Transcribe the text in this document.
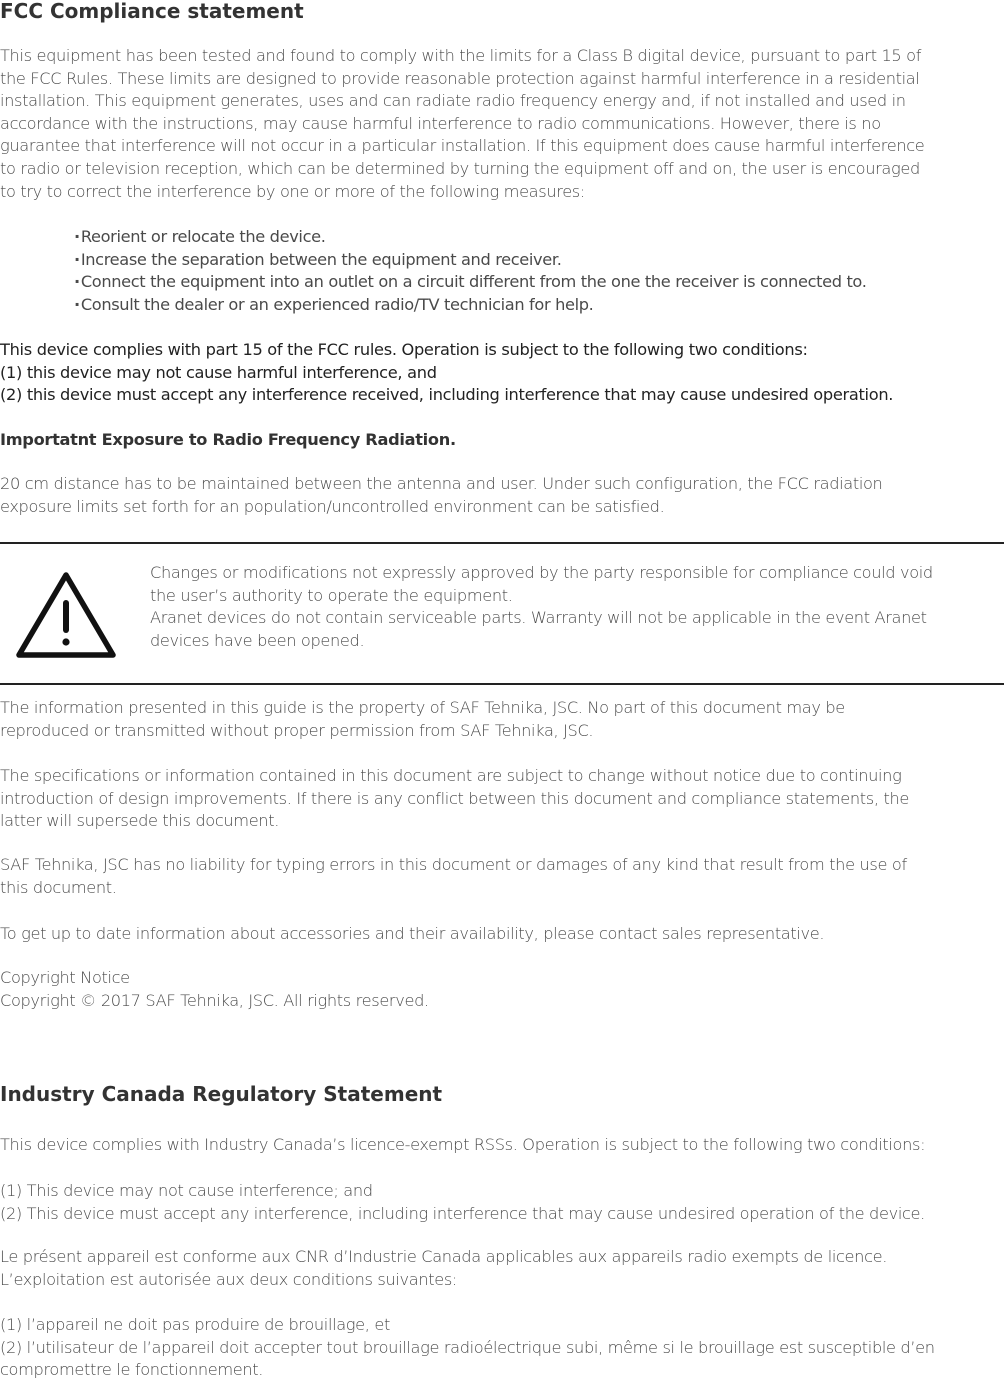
FCC Compliance statement
This equipment has been tested and found to comply with the limits for a Class B digital device, pursuant to part 15 of
the FCC Rules. These limits are designed to provide reasonable protection against harmful interference in a residential
installation. This equipment generates, uses and can radiate radio frequency energy and, if not installed and used in
accordance with the instructions, may cause harmful interference to radio communications. However, there is no
guarantee that interference will not occur in a particular installation. If this equipment does cause harmful interference
to radio or television reception, which can be determined by turning the equipment off and on, the user is encouraged
to try to correct the interference by one or more of the following measures:
·Reorient or relocate the device.
·Increase the separation between the equipment and receiver.
·Connect the equipment into an outlet on a circuit different from the one the receiver is connected to.
·Consult the dealer or an experienced radio/TV technician for help.
This device complies with part 15 of the FCC rules. Operation is subject to the following two conditions:
(1) this device may not cause harmful interference, and
(2) this device must accept any interference received, including interference that may cause undesired operation.
Importatnt Exposure to Radio Frequency Radiation.
20 cm distance has to be maintained between the antenna and user. Under such configuration, the FCC radiation
exposure limits set forth for an population/uncontrolled environment can be satisfied.
Changes or modifications not expressly approved by the party responsible for compliance could void
the user’s authority to operate the equipment.
Aranet devices do not contain serviceable parts. Warranty will not be applicable in the event Aranet
devices have been opened.
The information presented in this guide is the property of SAF Tehnika, JSC. No part of this document may be
reproduced or transmitted without proper permission from SAF Tehnika, JSC.
The specifications or information contained in this document are subject to change without notice due to continuing
introduction of design improvements. If there is any conflict between this document and compliance statements, the
latter will supersede this document.
SAF Tehnika, JSC has no liability for typing errors in this document or damages of any kind that result from the use of
this document.
To get up to date information about accessories and their availability, please contact sales representative.
Copyright Notice
Copyright © 2017 SAF Tehnika, JSC. All rights reserved.
Industry Canada Regulatory Statement
This device complies with Industry Canada’s licence-exempt RSSs. Operation is subject to the following two conditions:
(1) This device may not cause interference; and
(2) This device must accept any interference, including interference that may cause undesired operation of the device.
Le présent appareil est conforme aux CNR d’Industrie Canada applicables aux appareils radio exempts de licence.
L’exploitation est autorisée aux deux conditions suivantes:
(1) l’appareil ne doit pas produire de brouillage, et
(2) l’utilisateur de l’appareil doit accepter tout brouillage radioélectrique subi, même si le brouillage est susceptible d’en
compromettre le fonctionnement.
